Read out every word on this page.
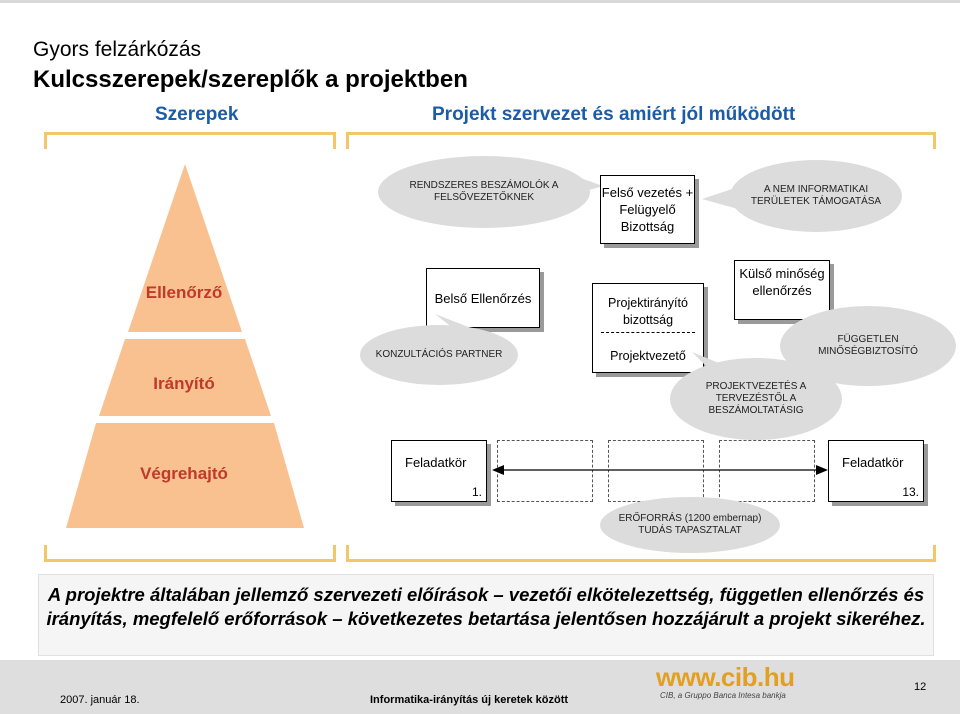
Gyors felzárkózás
Kulcsszerepek/szereplők a projektben
Szerepek	Projekt szervezet és amiért jól működött
Ellenőrző
Irányító
Végrehajtó
RENDSZERES BESZÁMOLÓK A FELSŐVEZETŐKNEK	Felső vezetés + Felügyelő Bizottság
A NEM INFORMATIKAI TERÜLETEK TÁMOGATÁSA
Belső Ellenőrzés
KONZULTÁCIÓS PARTNER
Projektirányító bizottság
Projektvezető
Külső minőség ellenőrzés
FÜGGETLEN MINŐSÉGBIZTOSÍTÓ
PROJEKTVEZETÉS A TERVEZÉSTŐL A BESZÁMOLTATÁSIG
Feladatkör
1.
Feladatkör
13.
ERŐFORRÁS (1200 embernap) TUDÁS TAPASZTALAT
A projektre általában jellemző szervezeti előírások – vezetői elkötelezettség, független ellenőrzés és irányítás, megfelelő erőforrások – következetes betartása jelentősen hozzájárult a projekt sikeréhez.
2007. január 18.	Informatika-irányítás új keretek között
www.cib.hu
CIB, a Gruppo Banca Intesa bankja
12
